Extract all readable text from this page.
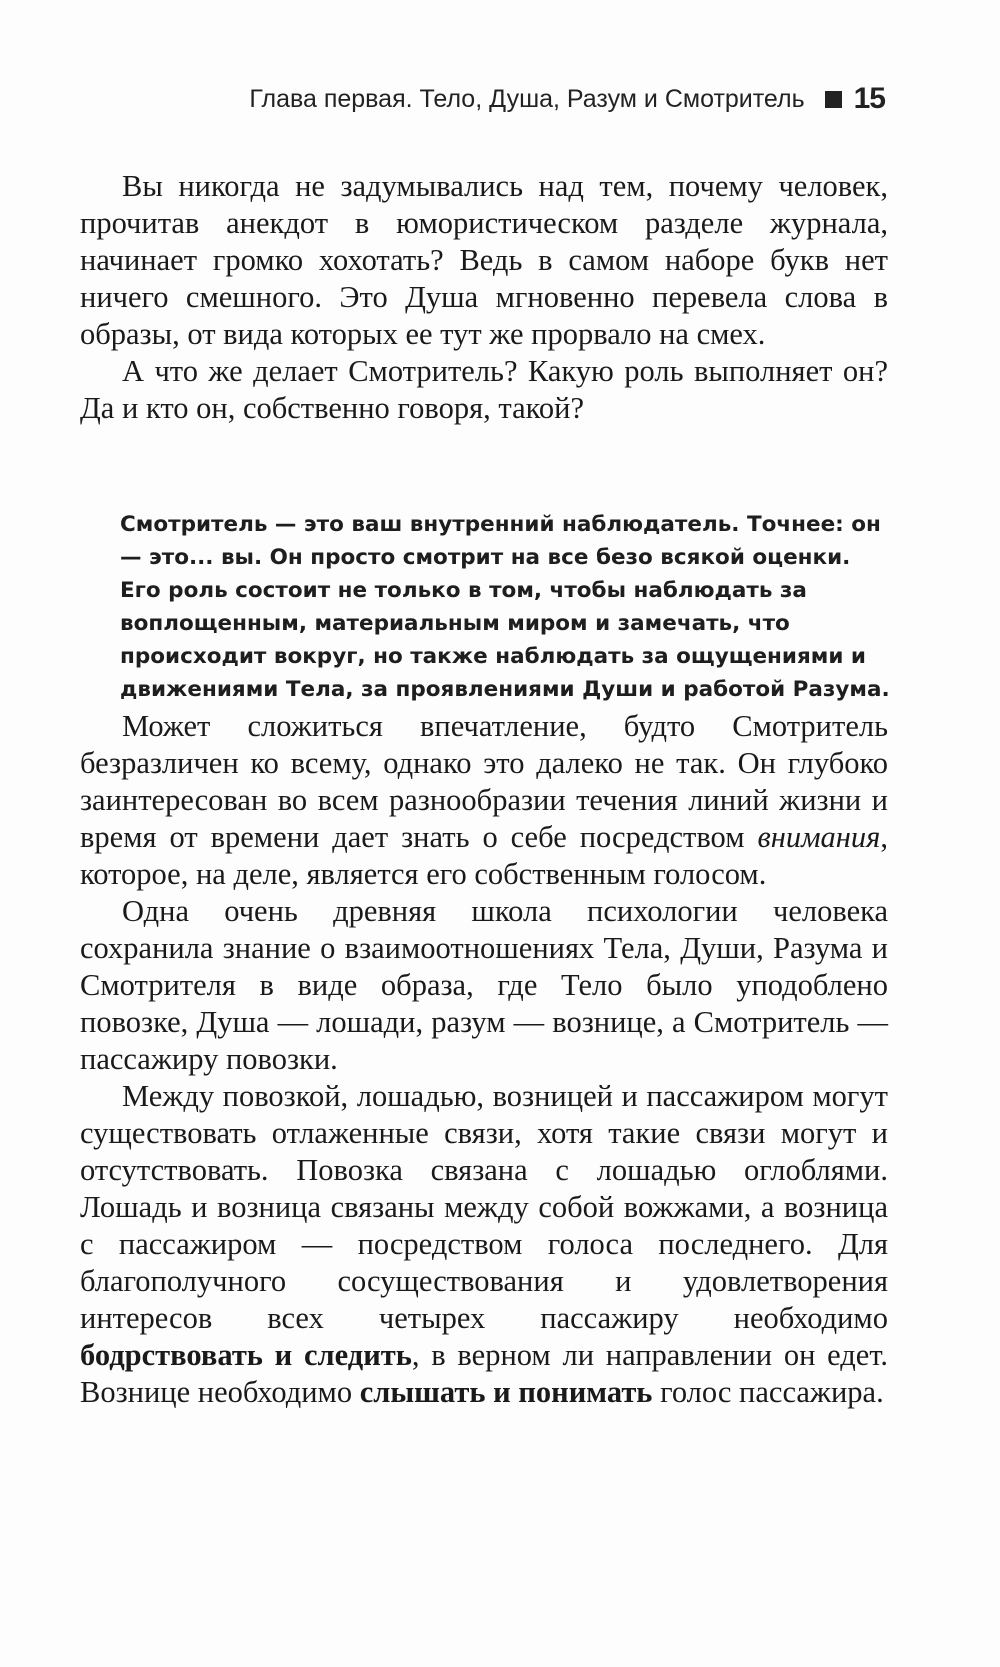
Глава первая. Тело, Душа, Разум и Смотритель 15

Вы никогда не задумывались над тем, почему человек, прочитав анекдот в юмористическом разделе журнала, начинает громко хохотать? Ведь в самом наборе букв нет ничего смешного. Это Душа мгновенно перевела слова в образы, от вида которых ее тут же прорвало на смех.

А что же делает Смотритель? Какую роль выполняет он? Да и кто он, собственно говоря, такой?

Смотритель — это ваш внутренний наблюдатель. Точнее: он — это... вы. Он просто смотрит на все безо всякой оценки. Его роль состоит не только в том, чтобы наблюдать за воплощенным, материальным миром и замечать, что происходит вокруг, но также наблюдать за ощущениями и движениями Тела, за проявлениями Души и работой Разума.

Может сложиться впечатление, будто Смотритель безразличен ко всему, однако это далеко не так. Он глубоко заинтересован во всем разнообразии течения линий жизни и время от времени дает знать о себе посредством внимания, которое, на деле, является его собственным голосом.

Одна очень древняя школа психологии человека сохранила знание о взаимоотношениях Тела, Души, Разума и Смотрителя в виде образа, где Тело было уподоблено повозке, Душа — лошади, разум — вознице, а Смотритель — пассажиру повозки.

Между повозкой, лошадью, возницей и пассажиром могут существовать отлаженные связи, хотя такие связи могут и отсутствовать. Повозка связана с лошадью оглоблями. Лошадь и возница связаны между собой вожжами, а возница с пассажиром — посредством голоса последнего. Для благополучного сосуществования и удовлетворения интересов всех четырех пассажиру необходимо бодрствовать и следить, в верном ли направлении он едет. Вознице необходимо слышать и понимать голос пассажира.
